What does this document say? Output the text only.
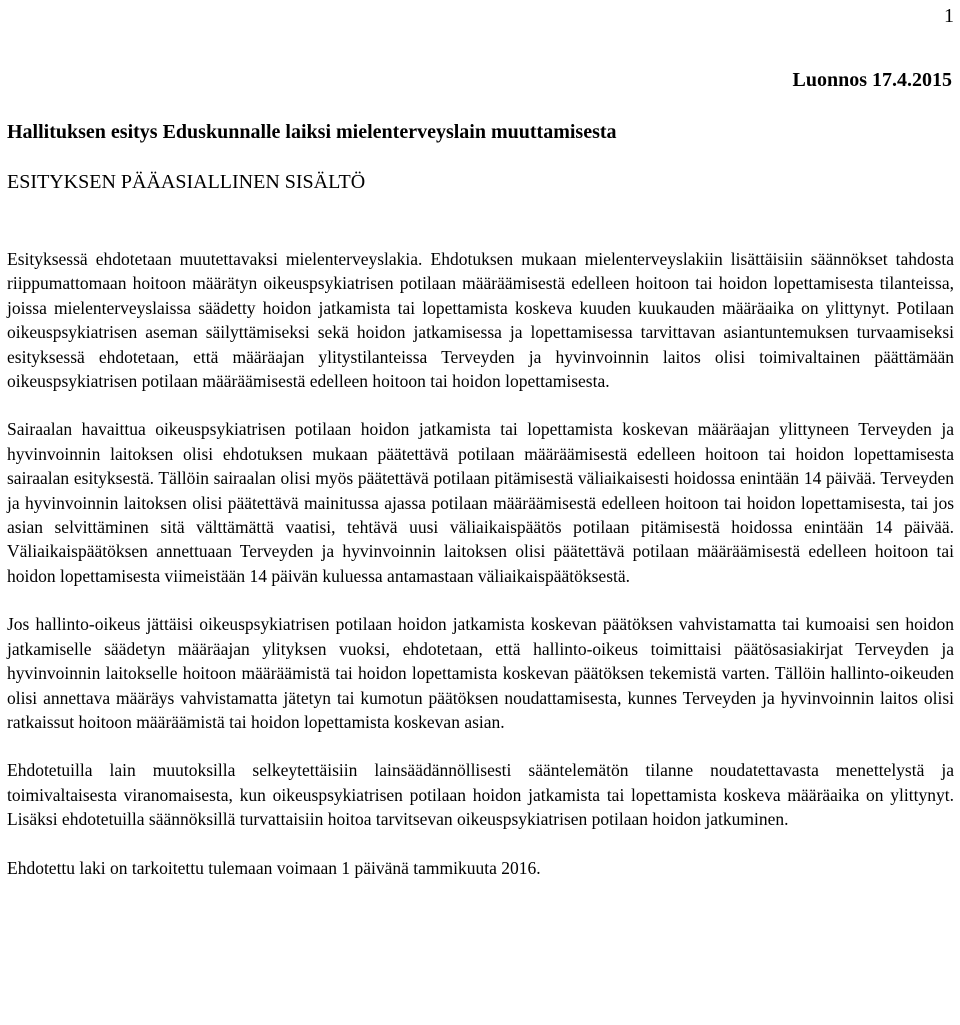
1
Luonnos 17.4.2015
Hallituksen esitys Eduskunnalle laiksi mielenterveyslain muuttamisesta
ESITYKSEN PÄÄASIALLINEN SISÄLTÖ

Esityksessä ehdotetaan muutettavaksi mielenterveyslakia. Ehdotuksen mukaan mielenterveyslakiin lisättäisiin säännökset tahdosta riippumattomaan hoitoon määrätyn oikeuspsykiatrisen potilaan määräämisestä edelleen hoitoon tai hoidon lopettamisesta tilanteissa, joissa mielenterveyslaissa säädetty hoidon jatkamista tai lopettamista koskeva kuuden kuukauden määräaika on ylittynyt. Potilaan oikeuspsykiatrisen aseman säilyttämiseksi sekä hoidon jatkamisessa ja lopettamisessa tarvittavan asiantuntemuksen turvaamiseksi esityksessä ehdotetaan, että määräajan ylitystilanteissa Terveyden ja hyvinvoinnin laitos olisi toimivaltainen päättämään oikeuspsykiatrisen potilaan määräämisestä edelleen hoitoon tai hoidon lopettamisesta.

Sairaalan havaittua oikeuspsykiatrisen potilaan hoidon jatkamista tai lopettamista koskevan määräajan ylittyneen Terveyden ja hyvinvoinnin laitoksen olisi ehdotuksen mukaan päätettävä potilaan määräämisestä edelleen hoitoon tai hoidon lopettamisesta sairaalan esityksestä. Tällöin sairaalan olisi myös päätettävä potilaan pitämisestä väliaikaisesti hoidossa enintään 14 päivää. Terveyden ja hyvinvoinnin laitoksen olisi päätettävä mainitussa ajassa potilaan määräämisestä edelleen hoitoon tai hoidon lopettamisesta, tai jos asian selvittäminen sitä välttämättä vaatisi, tehtävä uusi väliaikaispäätös potilaan pitämisestä hoidossa enintään 14 päivää. Väliaikaispäätöksen annettuaan Terveyden ja hyvinvoinnin laitoksen olisi päätettävä potilaan määräämisestä edelleen hoitoon tai hoidon lopettamisesta viimeistään 14 päivän kuluessa antamastaan väliaikaispäätöksestä.

Jos hallinto-oikeus jättäisi oikeuspsykiatrisen potilaan hoidon jatkamista koskevan päätöksen vahvistamatta tai kumoaisi sen hoidon jatkamiselle säädetyn määräajan ylityksen vuoksi, ehdotetaan, että hallinto-oikeus toimittaisi päätösasiakirjat Terveyden ja hyvinvoinnin laitokselle hoitoon määräämistä tai hoidon lopettamista koskevan päätöksen tekemistä varten. Tällöin hallinto-oikeuden olisi annettava määräys vahvistamatta jätetyn tai kumotun päätöksen noudattamisesta, kunnes Terveyden ja hyvinvoinnin laitos olisi ratkaissut hoitoon määräämistä tai hoidon lopettamista koskevan asian.

Ehdotetuilla lain muutoksilla selkeytettäisiin lainsäädännöllisesti sääntelemätön tilanne noudatettavasta menettelystä ja toimivaltaisesta viranomaisesta, kun oikeuspsykiatrisen potilaan hoidon jatkamista tai lopettamista koskeva määräaika on ylittynyt. Lisäksi ehdotetuilla säännöksillä turvattaisiin hoitoa tarvitsevan oikeuspsykiatrisen potilaan hoidon jatkuminen.

Ehdotettu laki on tarkoitettu tulemaan voimaan 1 päivänä tammikuuta 2016.
